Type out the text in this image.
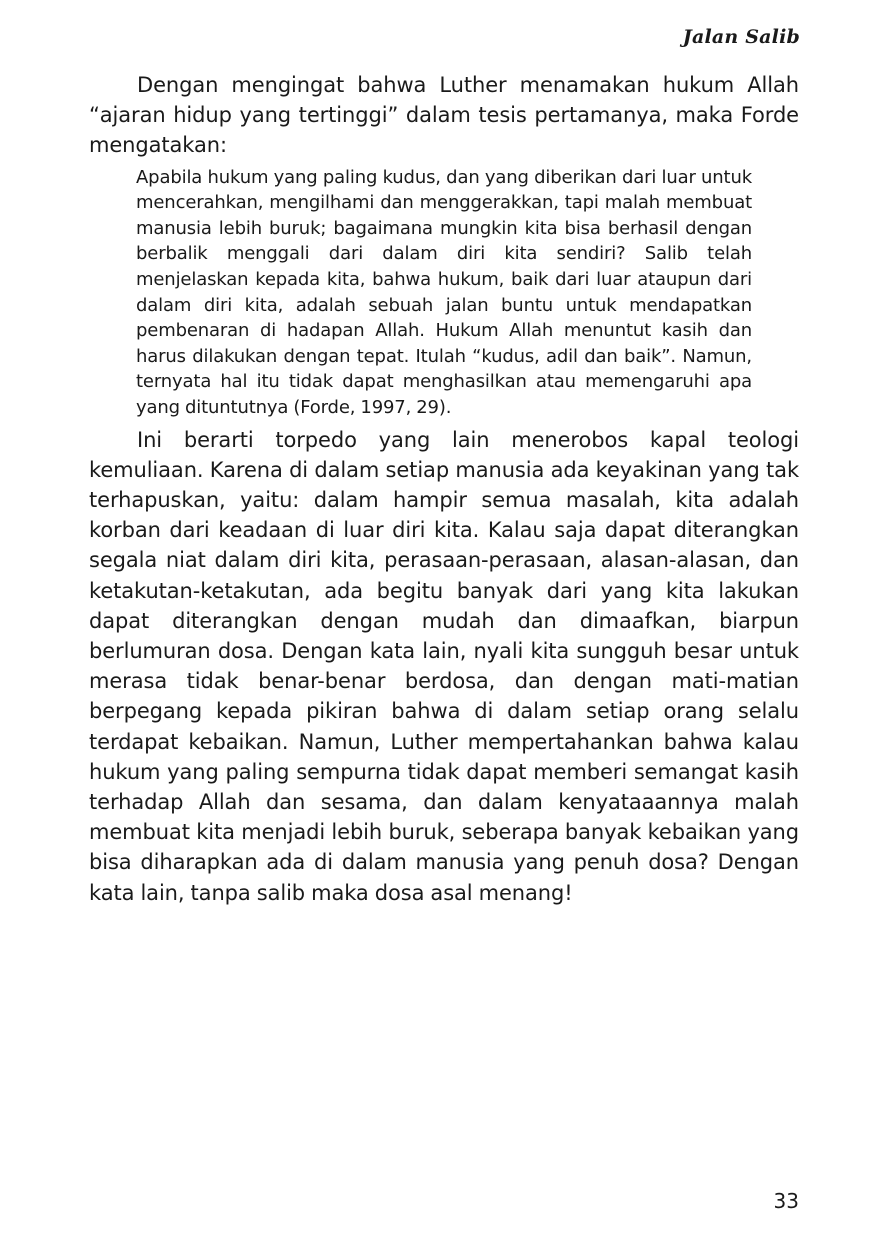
Jalan Salib

Dengan mengingat bahwa Luther menamakan hukum Allah “ajaran hidup yang tertinggi” dalam tesis pertamanya, maka Forde mengatakan:

Apabila hukum yang paling kudus, dan yang diberikan dari luar untuk mencerahkan, mengilhami dan menggerakkan, tapi malah membuat manusia lebih buruk; bagaimana mungkin kita bisa berhasil dengan berbalik menggali dari dalam diri kita sendiri? Salib telah menjelaskan kepada kita, bahwa hukum, baik dari luar ataupun dari dalam diri kita, adalah sebuah jalan buntu untuk mendapatkan pembenaran di hadapan Allah. Hukum Allah menuntut kasih dan harus dilakukan dengan tepat. Itulah “kudus, adil dan baik”. Namun, ternyata hal itu tidak dapat menghasilkan atau memengaruhi apa yang dituntutnya (Forde, 1997, 29).

Ini berarti torpedo yang lain menerobos kapal teologi kemuliaan. Karena di dalam setiap manusia ada keyakinan yang tak terhapuskan, yaitu: dalam hampir semua masalah, kita adalah korban dari keadaan di luar diri kita. Kalau saja dapat diterangkan segala niat dalam diri kita, perasaan-perasaan, alasan-alasan, dan ketakutan-ketakutan, ada begitu banyak dari yang kita lakukan dapat diterangkan dengan mudah dan dimaafkan, biarpun berlumuran dosa. Dengan kata lain, nyali kita sungguh besar untuk merasa tidak benar-benar berdosa, dan dengan mati-matian berpegang kepada pikiran bahwa di dalam setiap orang selalu terdapat kebaikan. Namun, Luther mempertahankan bahwa kalau hukum yang paling sempurna tidak dapat memberi semangat kasih terhadap Allah dan sesama, dan dalam kenyataaannya malah membuat kita menjadi lebih buruk, seberapa banyak kebaikan yang bisa diharapkan ada di dalam manusia yang penuh dosa? Dengan kata lain, tanpa salib maka dosa asal menang!

33
